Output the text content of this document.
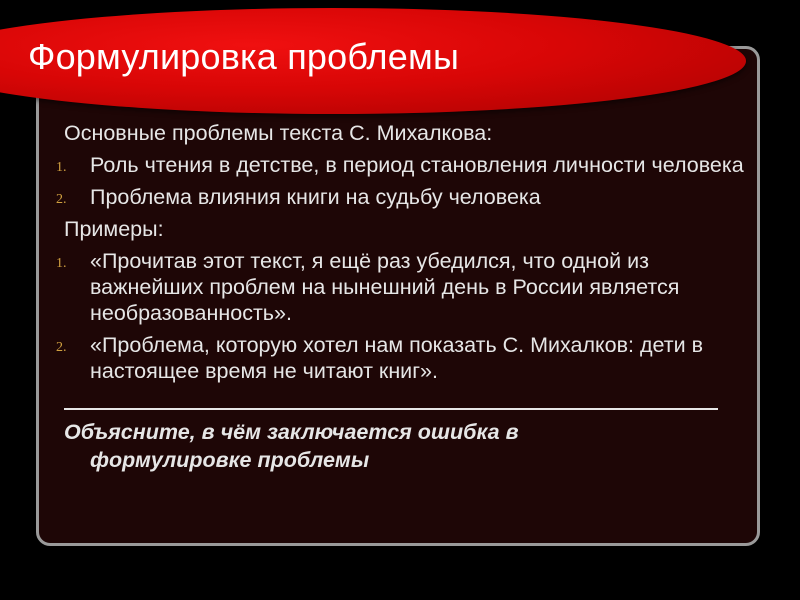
Формулировка проблемы

Основные проблемы текста С. Михалкова:

1. Роль чтения в детстве, в период становления личности человека
2. Проблема влияния книги на судьбу человека

Примеры:

1. «Прочитав этот текст, я ещё раз убедился, что одной из важнейших проблем на нынешний день в России является необразованность».
2. «Проблема, которую хотел нам показать С. Михалков: дети в настоящее время не читают книг».

Объясните, в чём заключается ошибка в
формулировке проблемы
